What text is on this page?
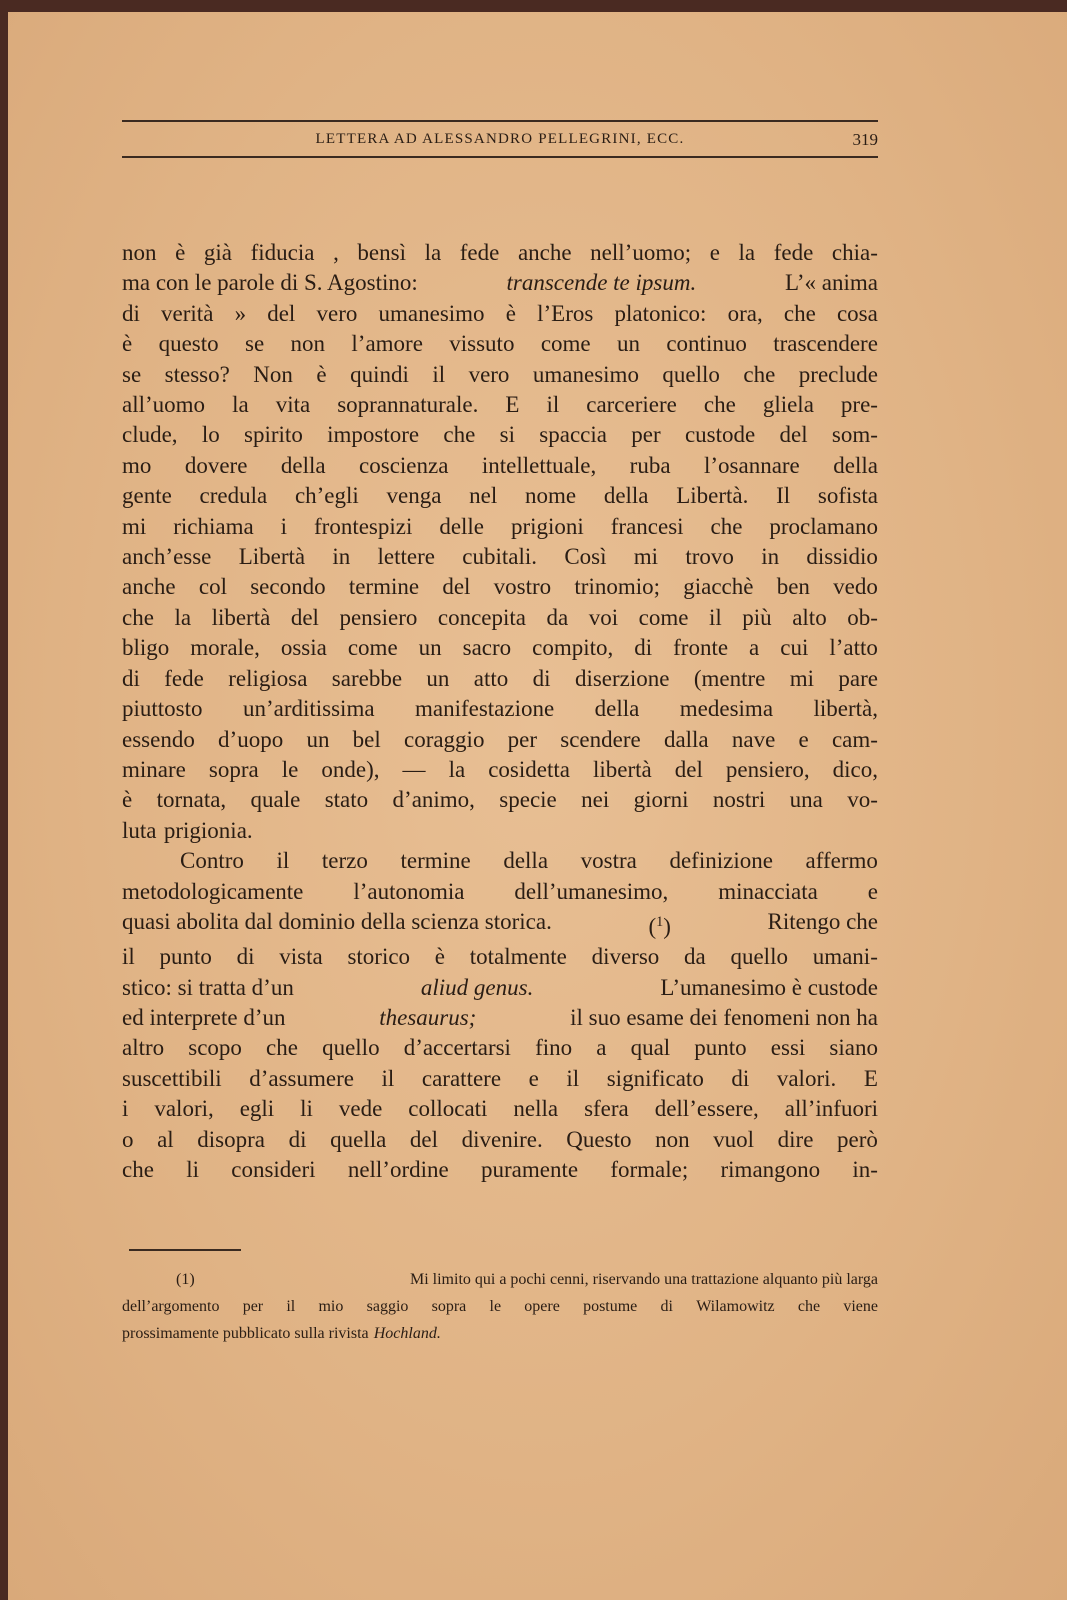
LETTERA AD ALESSANDRO PELLEGRINI, ECC.	319
non è già fiducia , bensì la fede anche nell’uomo; e la fede chia-
ma con le parole di S. Agostino:	transcende te ipsum.	L’« anima
di verità » del vero umanesimo è l’Eros platonico: ora, che cosa
è questo se non l’amore vissuto come un continuo trascendere
se stesso? Non è quindi il vero umanesimo quello che preclude
all’uomo la vita soprannaturale. E il carceriere che gliela pre-
clude, lo spirito impostore che si spaccia per custode del som-
mo dovere della coscienza intellettuale, ruba l’osannare della
gente credula ch’egli venga nel nome della Libertà. Il sofista
mi richiama i frontespizi delle prigioni francesi che proclamano
anch’esse Libertà in lettere cubitali. Così mi trovo in dissidio
anche col secondo termine del vostro trinomio; giacchè ben vedo
che la libertà del pensiero concepita da voi come il più alto ob-
bligo morale, ossia come un sacro compito, di fronte a cui l’atto
di fede religiosa sarebbe un atto di diserzione (mentre mi pare
piuttosto un’arditissima manifestazione della medesima libertà,
essendo d’uopo un bel coraggio per scendere dalla nave e cam-
minare sopra le onde), — la cosidetta libertà del pensiero, dico,
è tornata, quale stato d’animo, specie nei giorni nostri una vo-
luta prigionia.
Contro il terzo termine della vostra definizione affermo
metodologicamente l’autonomia dell’umanesimo, minacciata e
quasi abolita dal dominio della scienza storica.	($^1$)	Ritengo che
il punto di vista storico è totalmente diverso da quello umani-
stico: si tratta d’un	aliud genus.	L’umanesimo è custode
ed interprete d’un	thesaurus;	il suo esame dei fenomeni non ha
altro scopo che quello d’accertarsi fino a qual punto essi siano
suscettibili d’assumere il carattere e il significato di valori. E
i valori, egli li vede collocati nella sfera dell’essere, all’infuori
o al disopra di quella del divenire. Questo non vuol dire però
che li consideri nell’ordine puramente formale; rimangono in-
(1)	Mi limito qui a pochi cenni, riservando una trattazione alquanto più larga
dell’argomento per il mio saggio sopra le opere postume di Wilamowitz che viene
prossimamente pubblicato sulla rivista Hochland.
